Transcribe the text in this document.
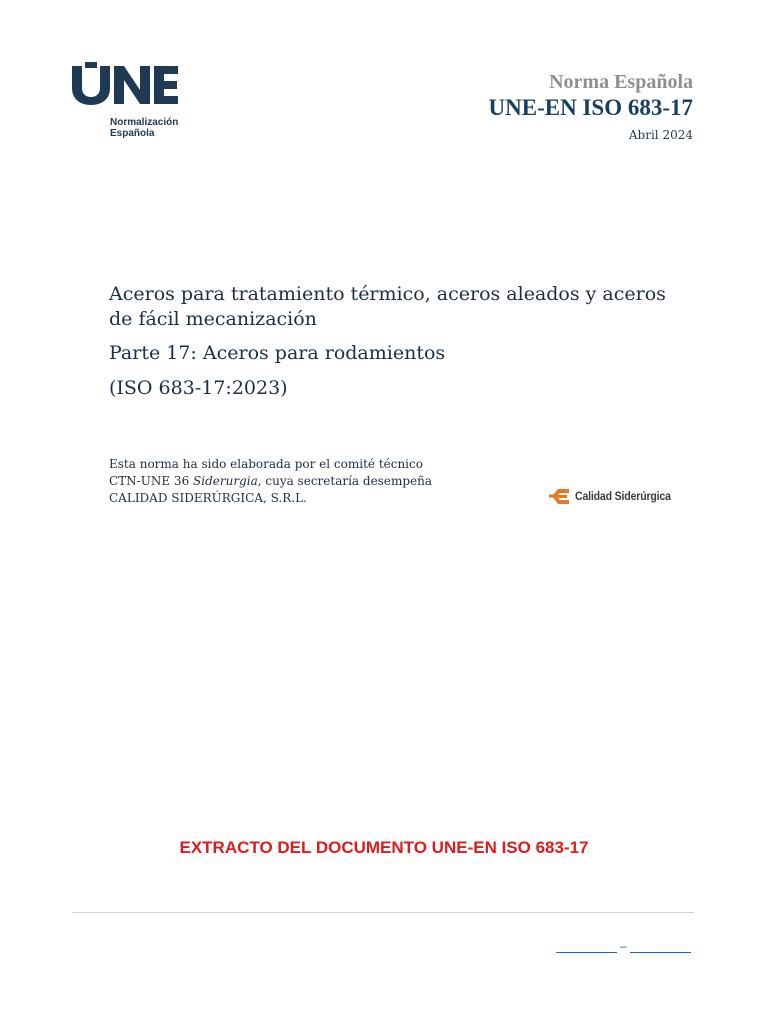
Normalización
Española
Norma Española
UNE-EN ISO 683-17
Abril 2024

Aceros para tratamiento térmico, aceros aleados y aceros
de fácil mecanización

Parte 17: Aceros para rodamientos

(ISO 683-17:2023)

Esta norma ha sido elaborada por el comité técnico
CTN-UNE 36 Siderurgia, cuya secretaría desempeña
CALIDAD SIDERÚRGICA, S.R.L.	Calidad Siderúrgica
EXTRACTO DEL DOCUMENTO UNE-EN ISO 683-17
–
